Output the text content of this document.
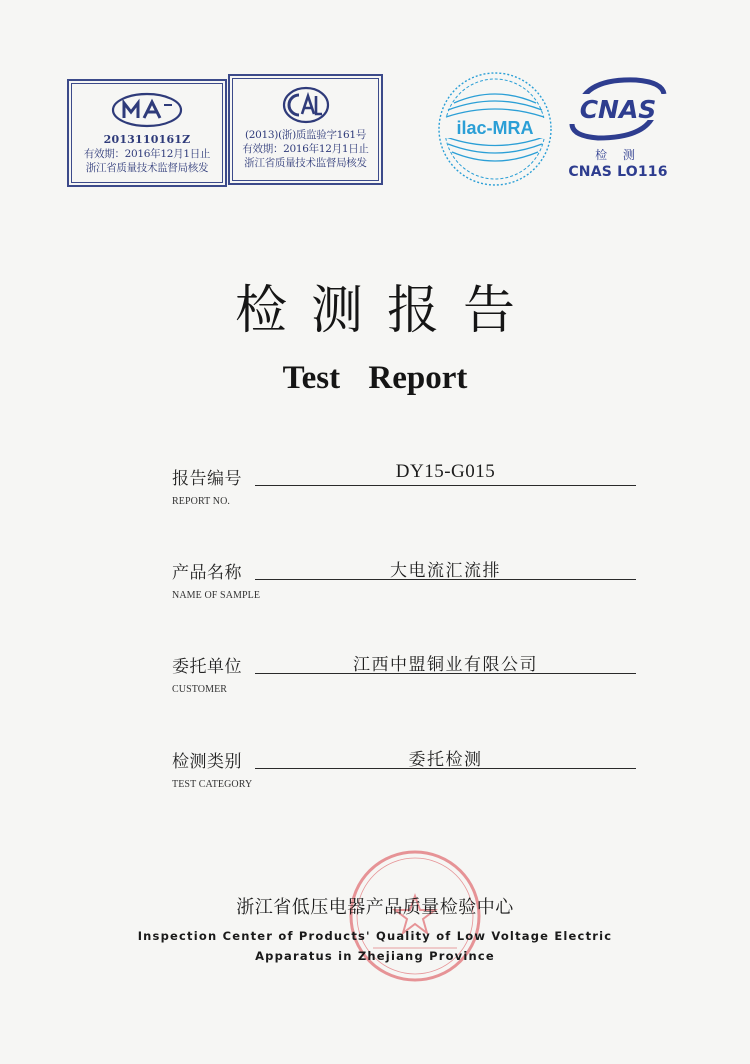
2013110161Z
有效期：2016年12月1日止
浙江省质量技术监督局核发
(2013)(浙)质监验字161号
有效期：2016年12月1日止
浙江省质量技术监督局核发
ilac-MRA
CNAS
检 测
CNAS LO116
检测报告
Test Report
报告编号	DY15-G015
REPORT NO.
产品名称	大电流汇流排
NAME OF SAMPLE
委托单位	江西中盟铜业有限公司
CUSTOMER
检测类别	委托检测
TEST CATEGORY
浙江省低压电器产品质量检验中心
Inspection Center of Products' Quality of Low Voltage Electric
Apparatus in Zhejiang Province
